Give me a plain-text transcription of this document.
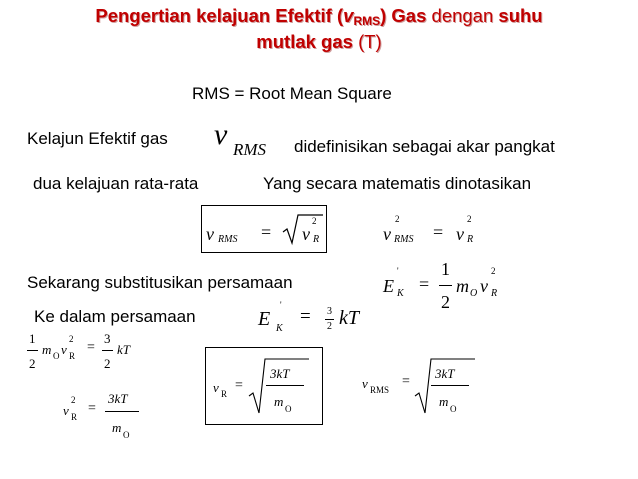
Pengertian kelajuan Efektif (vRMS) Gas dengan suhu
mutlak gas (T)
RMS = Root Mean Square
Kelajun Efektif gas v RMS didefinisikan sebagai akar pangkat
dua kelajuan rata-rata	Yang secara matematis dinotasikan
v RMS = v
2
R	v
2
RMS = v
2
R
Sekarang substitusikan persamaan	E
'
K =
1
2
m O v
2
R
Ke dalam persamaan	E
'
K
= 3
2 kT
1
2
m O v
2
R
=
3
2
kT
v
2
R
=
3kT
m O
v R
=
3kT
m O
v RMS
=
3kT
m O
